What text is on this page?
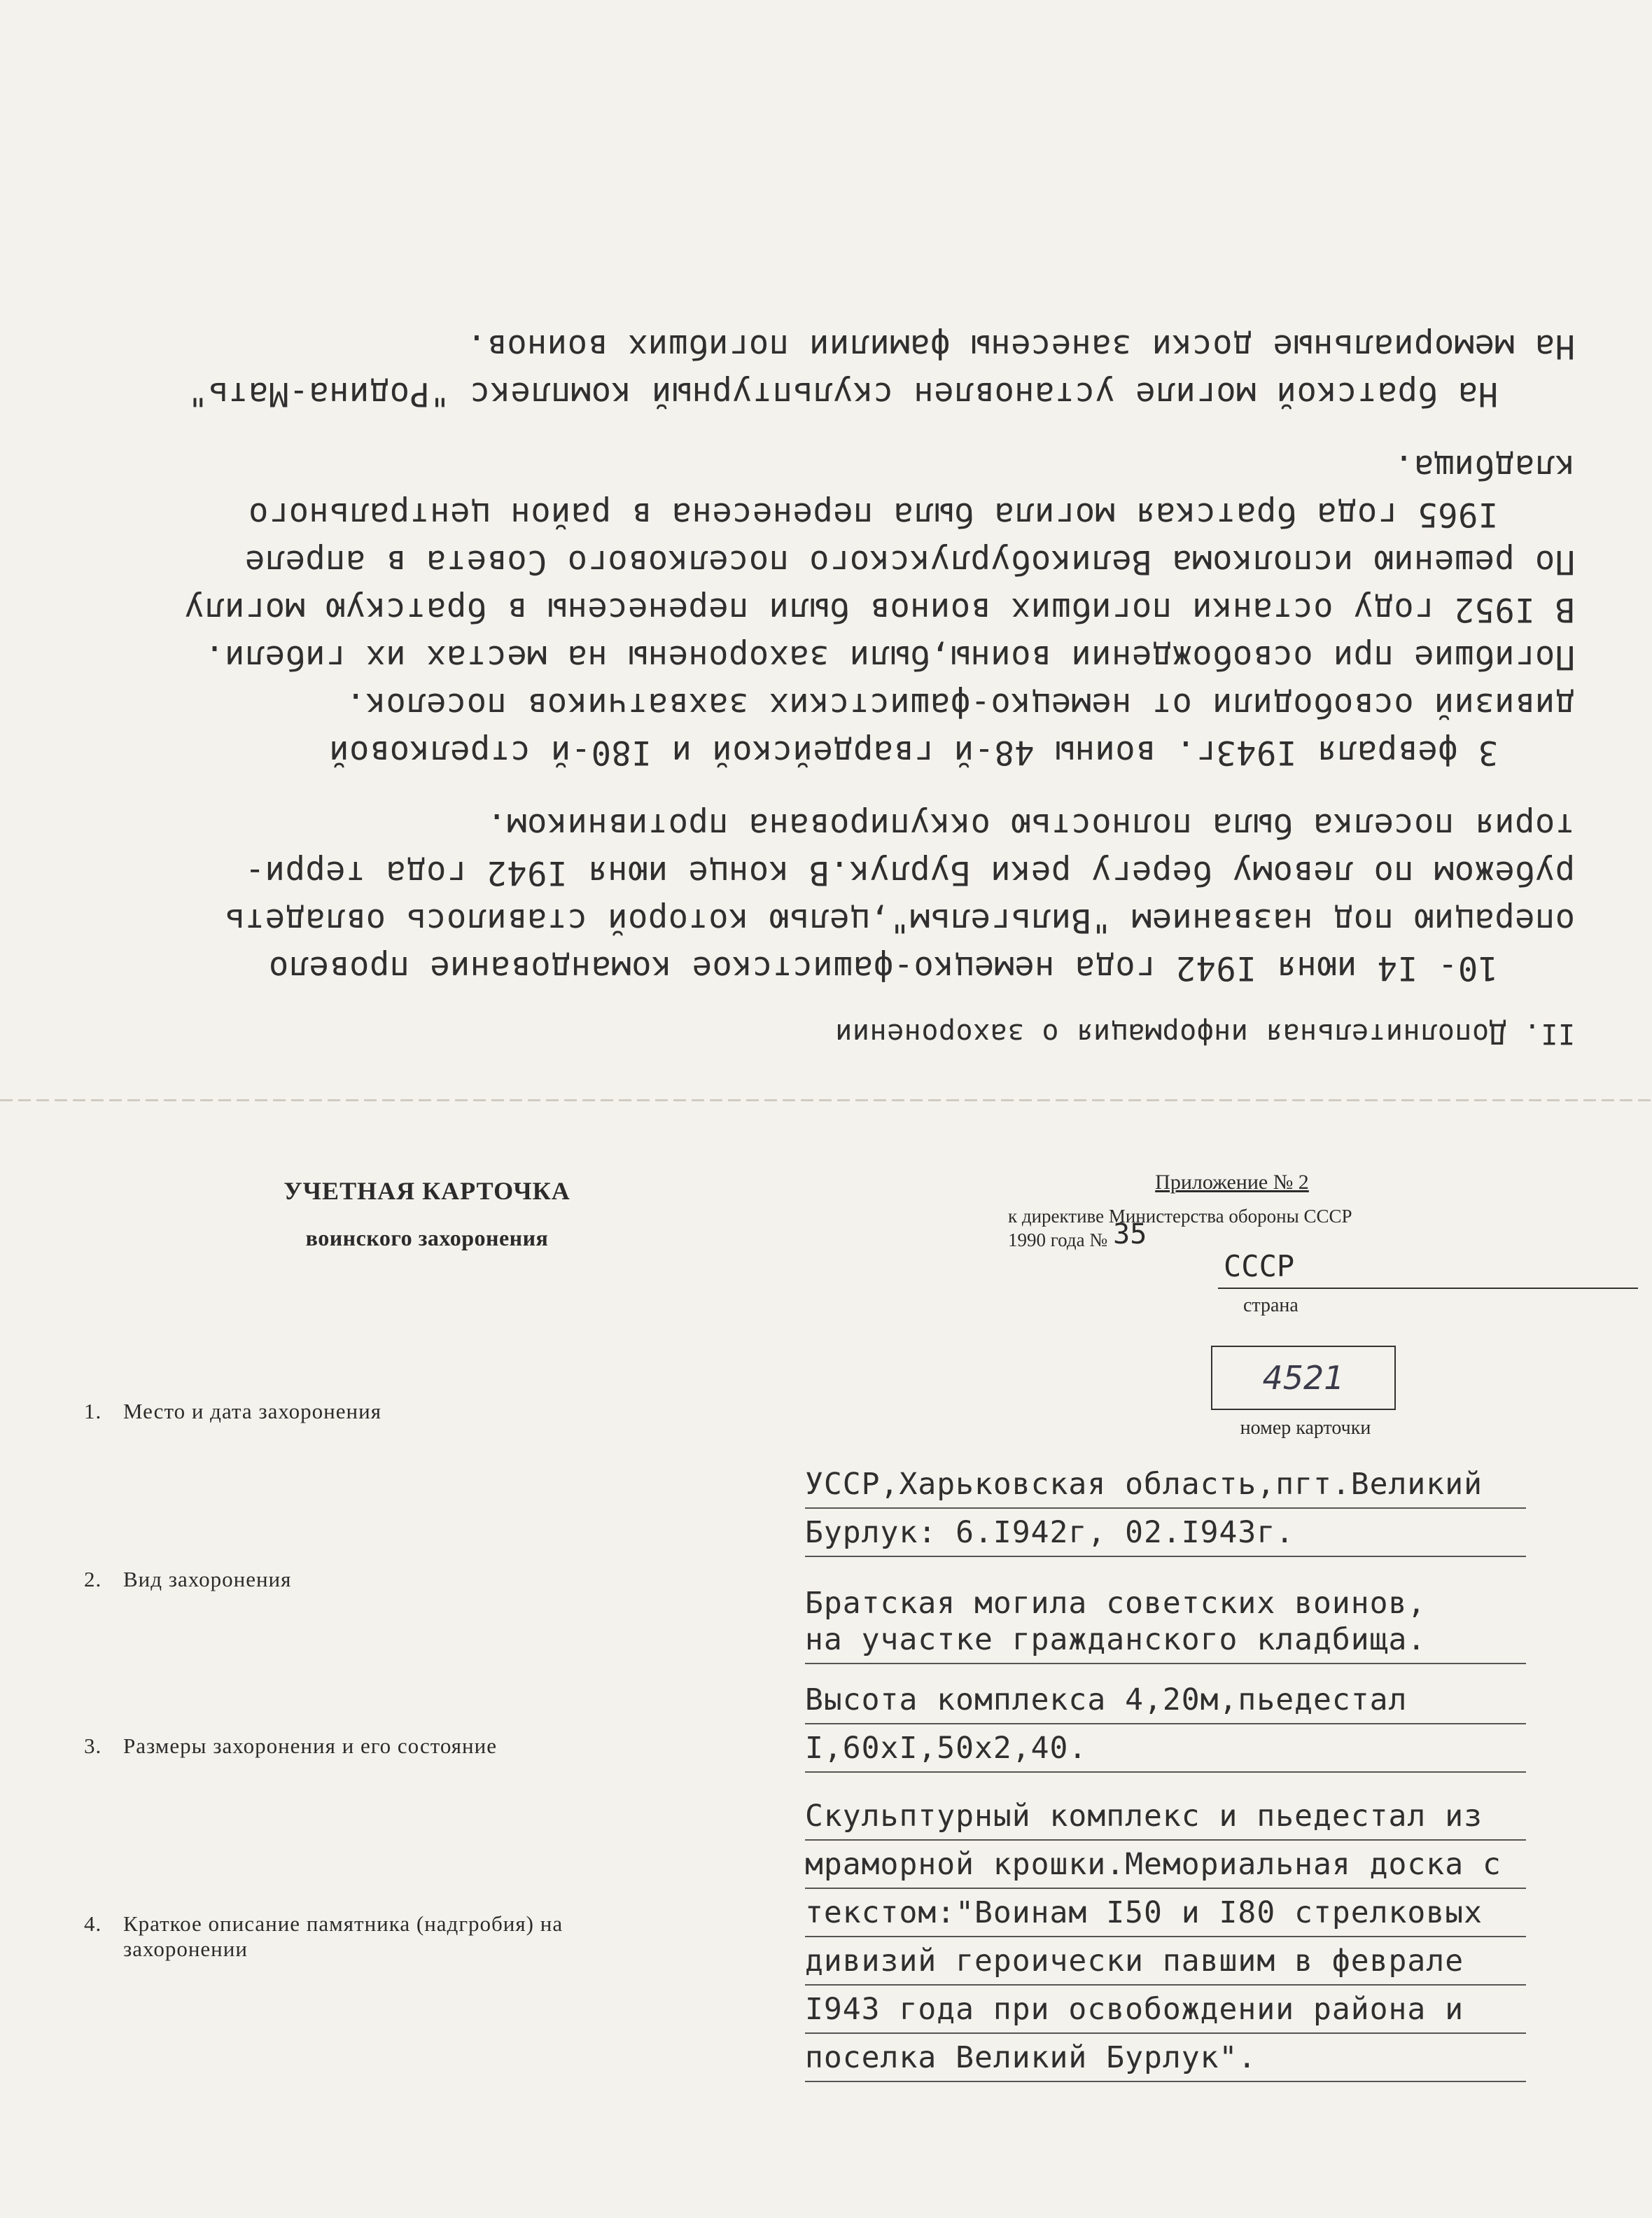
II. Дополнительная информация о захоронении

10- I4 июня I942 года немецко-фашистское командование провело

операцию под названием "Вильгельм",целью которой ставилось овладеть

рубежом по левому берегу реки Бурлук.В конце июня I942 года терри-

тория поселка была полностью оккупирована противником.

3 февраля I943г. воины 48-й гвардейской и I80-й стрелковой

дивизий освободили от немецко-фашистских захватчиков поселок.

Погибшие при освобождении воины,были захоронены на местах их гибели.

В I952 году останки погибших воинов были перенесены в братскую могилу

По решению исполкома Великобурлукского поселкового Совета в апреле

I965 года братская могила была перенесена в район центрального

кладбища.

На братской могиле установлен скульптурный комплекс "Родина-Мать"

На мемориальные доски занесены фамилии погибших воинов.

УЧЕТНАЯ КАРТОЧКА
воинского захоронения
Приложение № 2
к директиве Министерства обороны СССР
1990 года № 35
СССР
страна
4521
номер карточки
1. Место и дата захоронения
2. Вид захоронения
3. Размеры захоронения и его состояние
4. Краткое описание памятника (надгробия) на
захоронении
УССР,Харьковская область,пгт.Великий
Бурлук: 6.I942г, 02.I943г.
Братская могила советских воинов,
на участке гражданского кладбища.
Высота комплекса 4,20м,пьедестал
I,60xI,50x2,40.
Скульптурный комплекс и пьедестал из
мраморной крошки.Мемориальная доска с
текстом:"Воинам I50 и I80 стрелковых
дивизий героически павшим в феврале
I943 года при освобождении района и
поселка Великий Бурлук".
